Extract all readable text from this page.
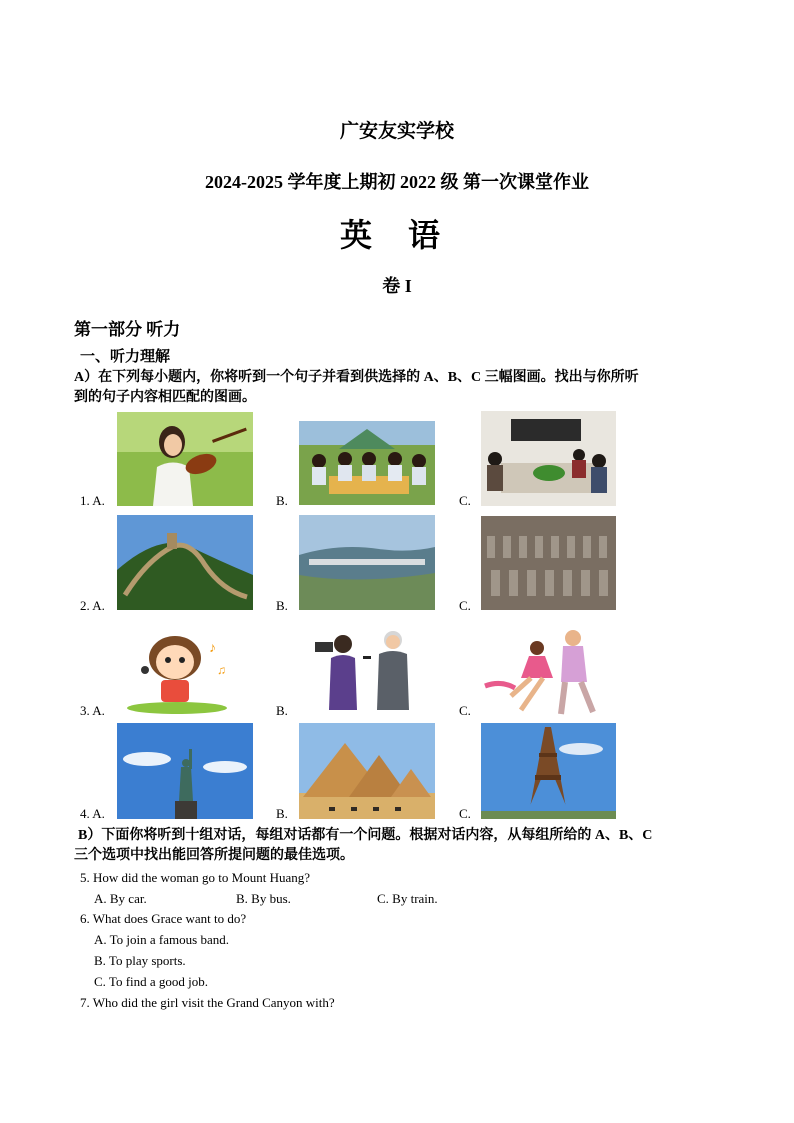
广安友实学校
2024-2025 学年度上期初 2022 级 第一次课堂作业
英 语
卷 I
第一部分 听力
一、听力理解
A）在下列每小题内，你将听到一个句子并看到供选择的 A、B、C 三幅图画。找出与你所听
到的句子内容相匹配的图画。
1. A.	B.	C.
2. A.	B.	C.
3. A.	B.	C.
♪
♫
4. A.	B.	C.
B）下面你将听到十组对话，每组对话都有一个问题。根据对话内容，从每组所给的 A、B、C
三个选项中找出能回答所提问题的最佳选项。
5. How did the woman go to Mount Huang?
A. By car.	B. By bus.	C. By train.
6. What does Grace want to do?
A. To join a famous band.
B. To play sports.
C. To find a good job.
7. Who did the girl visit the Grand Canyon with?
